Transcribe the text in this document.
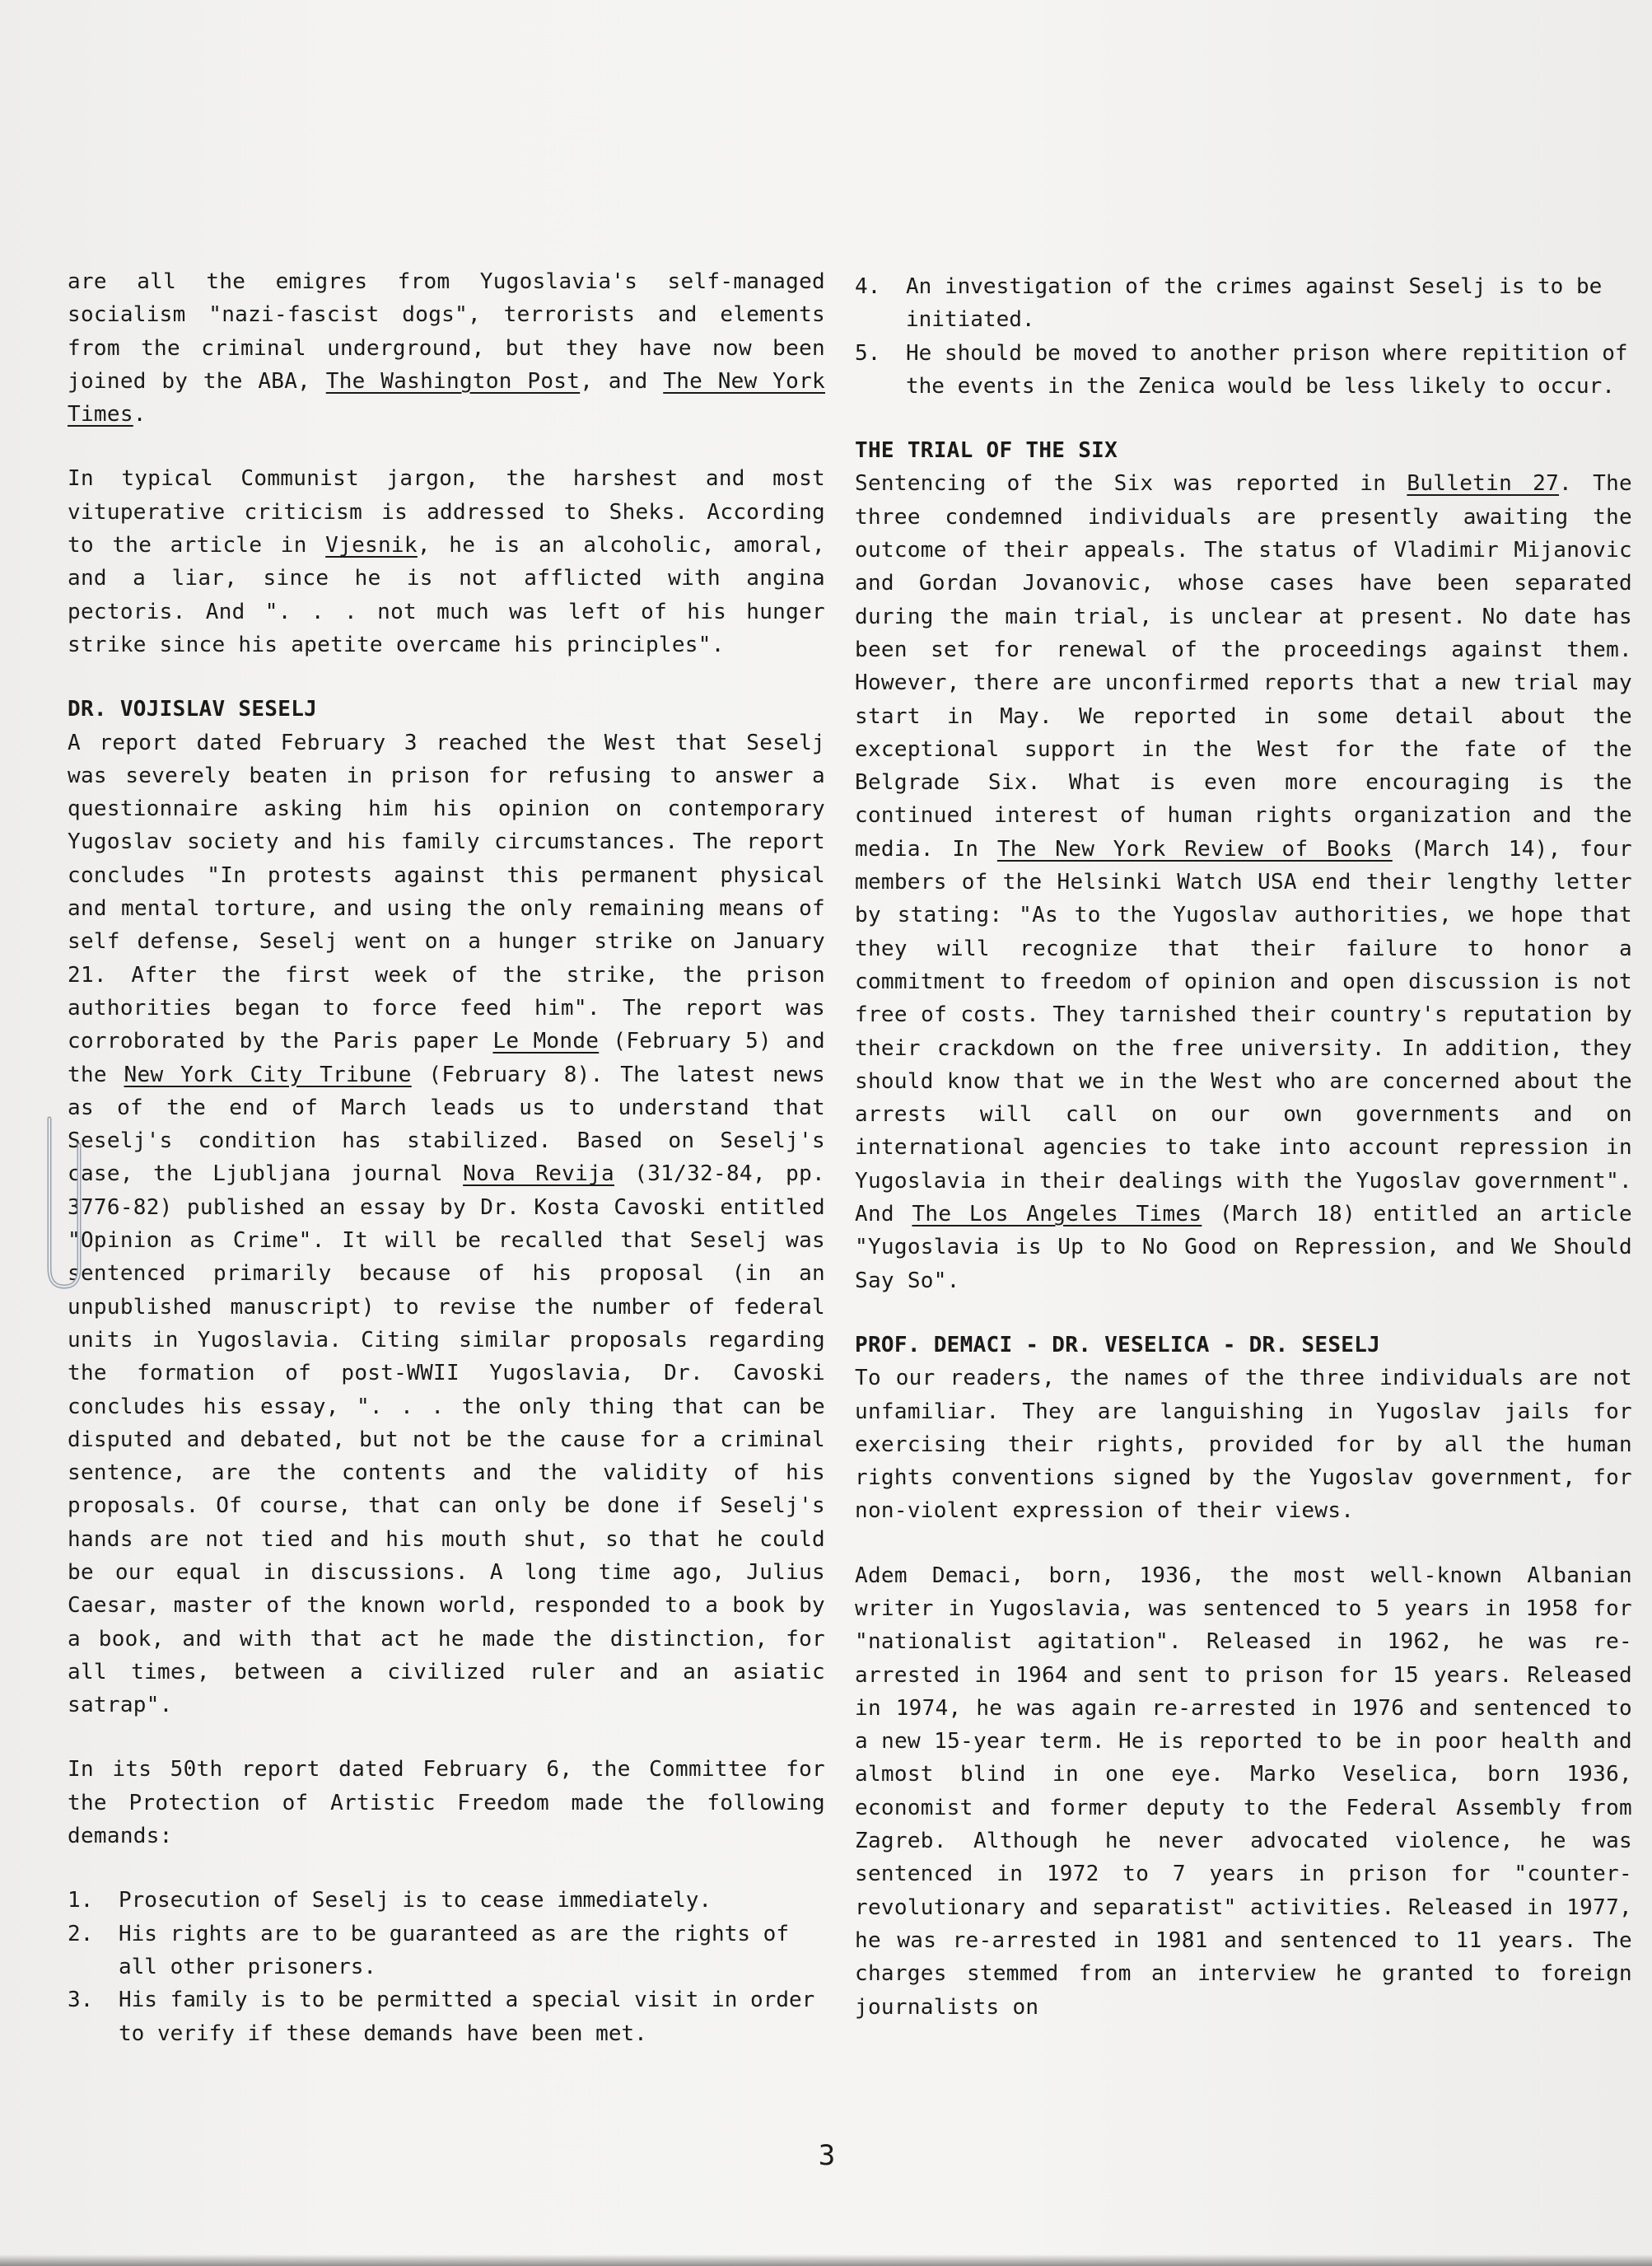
are all the emigres from Yugoslavia's self-managed socialism "nazi-fascist dogs", terrorists and elements from the criminal underground, but they have now been joined by the ABA, The Washington Post, and The New York Times.

In typical Communist jargon, the harshest and most vituperative criticism is addressed to Sheks. According to the article in Vjesnik, he is an alcoholic, amoral, and a liar, since he is not afflicted with angina pectoris. And ". . . not much was left of his hunger strike since his apetite overcame his principles".

DR. VOJISLAV SESELJ

A report dated February 3 reached the West that Seselj was severely beaten in prison for refusing to answer a questionnaire asking him his opinion on contemporary Yugoslav society and his family circumstances. The report concludes "In protests against this permanent physical and mental torture, and using the only remaining means of self defense, Seselj went on a hunger strike on January 21. After the first week of the strike, the prison authorities began to force feed him". The report was corroborated by the Paris paper Le Monde (February 5) and the New York City Tribune (February 8). The latest news as of the end of March leads us to understand that Seselj's condition has stabilized. Based on Seselj's case, the Ljubljana journal Nova Revija (31/32-84, pp. 3776-82) published an essay by Dr. Kosta Cavoski entitled "Opinion as Crime". It will be recalled that Seselj was sentenced primarily because of his proposal (in an unpublished manuscript) to revise the number of federal units in Yugoslavia. Citing similar proposals regarding the formation of post-WWII Yugoslavia, Dr. Cavoski concludes his essay, ". . . the only thing that can be disputed and debated, but not be the cause for a criminal sentence, are the contents and the validity of his proposals. Of course, that can only be done if Seselj's hands are not tied and his mouth shut, so that he could be our equal in discussions. A long time ago, Julius Caesar, master of the known world, responded to a book by a book, and with that act he made the distinction, for all times, between a civilized ruler and an asiatic satrap".

In its 50th report dated February 6, the Committee for the Protection of Artistic Freedom made the following demands:

1. Prosecution of Seselj is to cease immediately.
2. His rights are to be guaranteed as are the rights of all other prisoners.
3. His family is to be permitted a special visit in order to verify if these demands have been met.
4. An investigation of the crimes against Seselj is to be initiated.
5. He should be moved to another prison where repitition of the events in the Zenica would be less likely to occur.

THE TRIAL OF THE SIX

Sentencing of the Six was reported in Bulletin 27. The three condemned individuals are presently awaiting the outcome of their appeals. The status of Vladimir Mijanovic and Gordan Jovanovic, whose cases have been separated during the main trial, is unclear at present. No date has been set for renewal of the proceedings against them. However, there are unconfirmed reports that a new trial may start in May. We reported in some detail about the exceptional support in the West for the fate of the Belgrade Six. What is even more encouraging is the continued interest of human rights organization and the media. In The New York Review of Books (March 14), four members of the Helsinki Watch USA end their lengthy letter by stating: "As to the Yugoslav authorities, we hope that they will recognize that their failure to honor a commitment to freedom of opinion and open discussion is not free of costs. They tarnished their country's reputation by their crackdown on the free university. In addition, they should know that we in the West who are concerned about the arrests will call on our own governments and on international agencies to take into account repression in Yugoslavia in their dealings with the Yugoslav government". And The Los Angeles Times (March 18) entitled an article "Yugoslavia is Up to No Good on Repression, and We Should Say So".

PROF. DEMACI - DR. VESELICA - DR. SESELJ

To our readers, the names of the three individuals are not unfamiliar. They are languishing in Yugoslav jails for exercising their rights, provided for by all the human rights conventions signed by the Yugoslav government, for non-violent expression of their views.

Adem Demaci, born, 1936, the most well-known Albanian writer in Yugoslavia, was sentenced to 5 years in 1958 for "nationalist agitation". Released in 1962, he was re-arrested in 1964 and sent to prison for 15 years. Released in 1974, he was again re-arrested in 1976 and sentenced to a new 15-year term. He is reported to be in poor health and almost blind in one eye. Marko Veselica, born 1936, economist and former deputy to the Federal Assembly from Zagreb. Although he never advocated violence, he was sentenced in 1972 to 7 years in prison for "counter-revolutionary and separatist" activities. Released in 1977, he was re-arrested in 1981 and sentenced to 11 years. The charges stemmed from an interview he granted to foreign journalists on

3
